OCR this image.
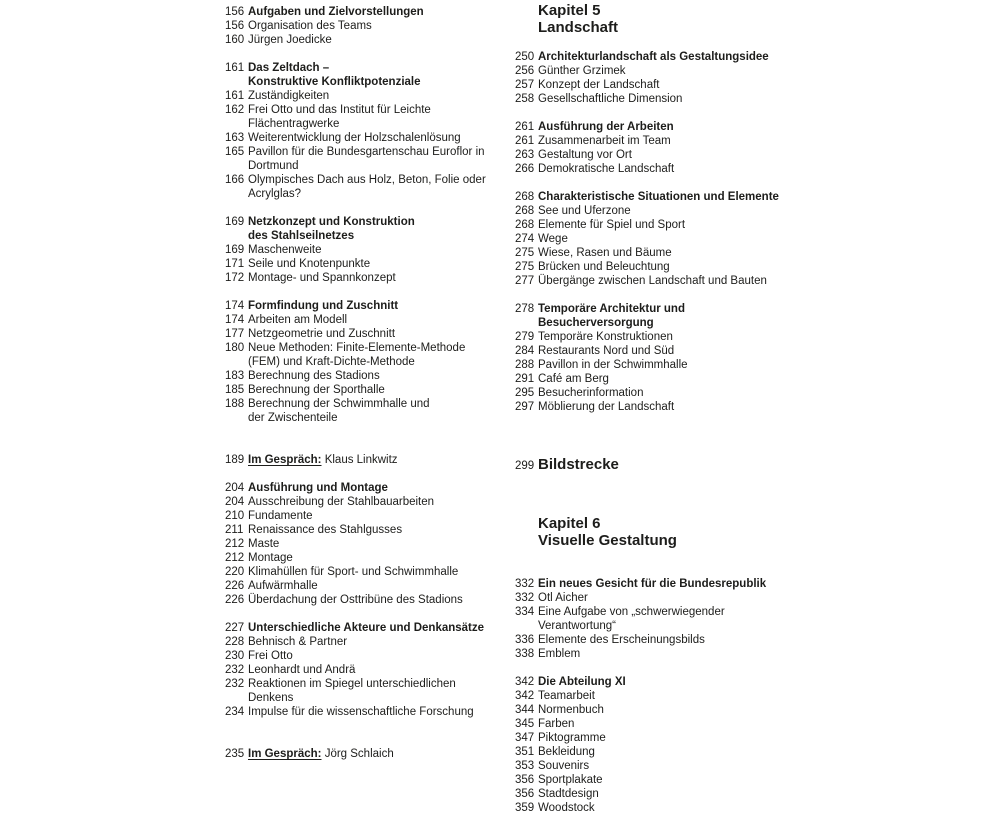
156 Aufgaben und Zielvorstellungen
156 Organisation des Teams
160 Jürgen Joedicke
161 Das Zeltdach –
Konstruktive Konfliktpotenziale
161 Zuständigkeiten
162 Frei Otto und das Institut für Leichte
Flächentragwerke
163 Weiterentwicklung der Holzschalenlösung
165 Pavillon für die Bundesgartenschau Euroflor in
Dortmund
166 Olympisches Dach aus Holz, Beton, Folie oder
Acrylglas?
169 Netzkonzept und Konstruktion
des Stahlseilnetzes
169 Maschenweite
171 Seile und Knotenpunkte
172 Montage- und Spannkonzept
174 Formfindung und Zuschnitt
174 Arbeiten am Modell
177 Netzgeometrie und Zuschnitt
180 Neue Methoden: Finite-Elemente-Methode
(FEM) und Kraft-Dichte-Methode
183 Berechnung des Stadions
185 Berechnung der Sporthalle
188 Berechnung der Schwimmhalle und
der Zwischenteile
189 Im Gespräch: Klaus Linkwitz
204 Ausführung und Montage
204 Ausschreibung der Stahlbauarbeiten
210 Fundamente
211 Renaissance des Stahlgusses
212 Maste
212 Montage
220 Klimahüllen für Sport- und Schwimmhalle
226 Aufwärmhalle
226 Überdachung der Osttribüne des Stadions
227 Unterschiedliche Akteure und Denkansätze
228 Behnisch & Partner
230 Frei Otto
232 Leonhardt und Andrä
232 Reaktionen im Spiegel unterschiedlichen
Denkens
234 Impulse für die wissenschaftliche Forschung
235 Im Gespräch: Jörg Schlaich
Kapitel 5
Landschaft
250 Architekturlandschaft als Gestaltungsidee
256 Günther Grzimek
257 Konzept der Landschaft
258 Gesellschaftliche Dimension
261 Ausführung der Arbeiten
261 Zusammenarbeit im Team
263 Gestaltung vor Ort
266 Demokratische Landschaft
268 Charakteristische Situationen und Elemente
268 See und Uferzone
268 Elemente für Spiel und Sport
274 Wege
275 Wiese, Rasen und Bäume
275 Brücken und Beleuchtung
277 Übergänge zwischen Landschaft und Bauten
278 Temporäre Architektur und
Besucherversorgung
279 Temporäre Konstruktionen
284 Restaurants Nord und Süd
288 Pavillon in der Schwimmhalle
291 Café am Berg
295 Besucherinformation
297 Möblierung der Landschaft
299 Bildstrecke
Kapitel 6
Visuelle Gestaltung
332 Ein neues Gesicht für die Bundesrepublik
332 Otl Aicher
334 Eine Aufgabe von „schwerwiegender
Verantwortung“
336 Elemente des Erscheinungsbilds
338 Emblem
342 Die Abteilung XI
342 Teamarbeit
344 Normenbuch
345 Farben
347 Piktogramme
351 Bekleidung
353 Souvenirs
356 Sportplakate
356 Stadtdesign
359 Woodstock
